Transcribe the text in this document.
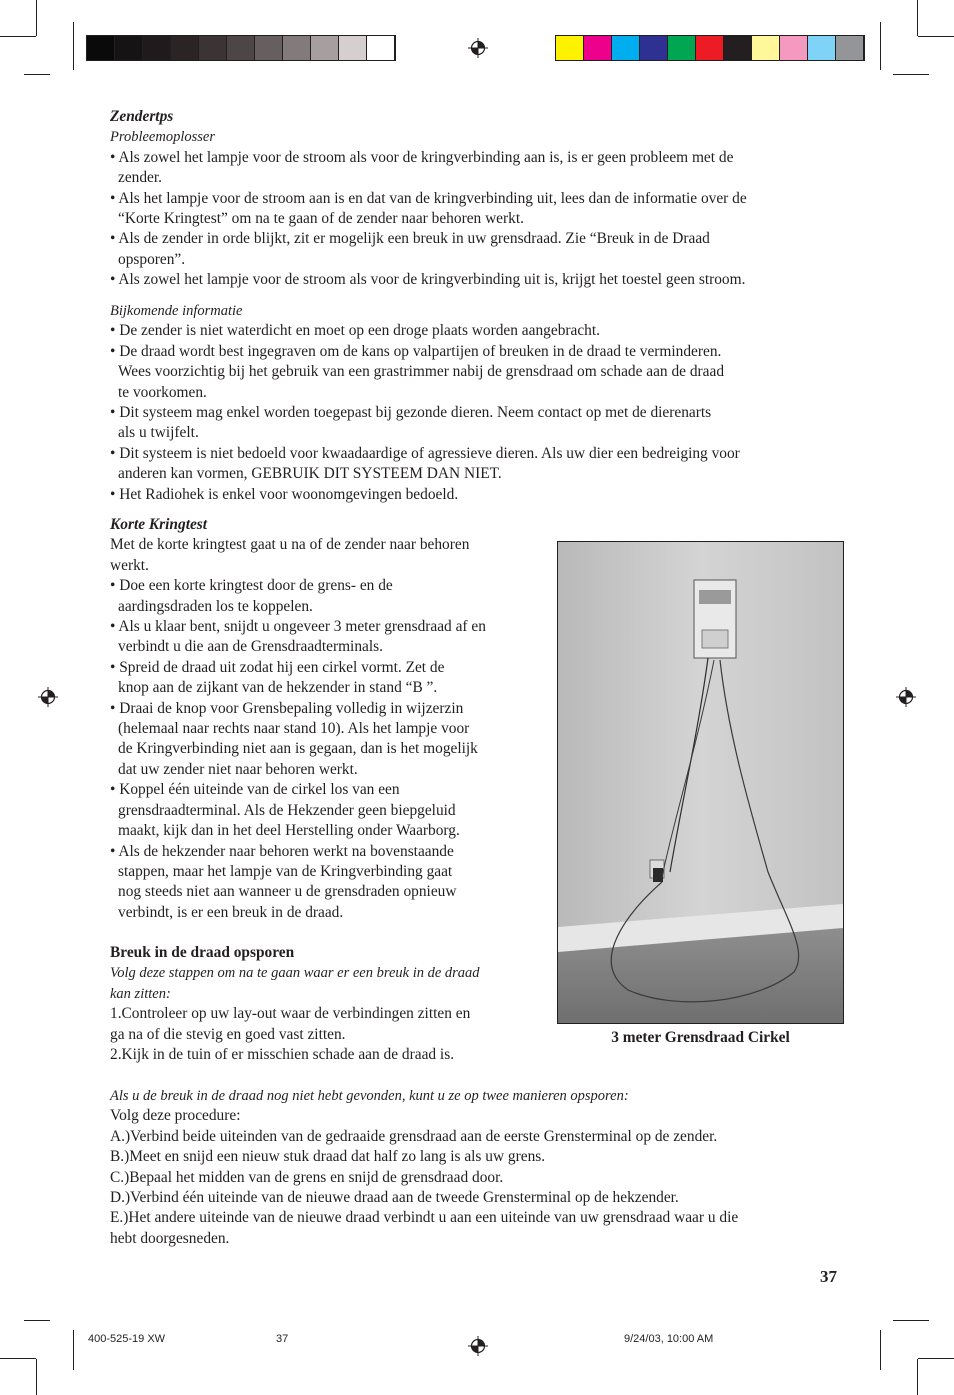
Zendertps
Probleemoplosser
• Als zowel het lampje voor de stroom als voor de kringverbinding aan is, is er geen probleem met de
zender.
• Als het lampje voor de stroom aan is en dat van de kringverbinding uit, lees dan de informatie over de
“Korte Kringtest” om na te gaan of de zender naar behoren werkt.
• Als de zender in orde blijkt, zit er mogelijk een breuk in uw grensdraad. Zie “Breuk in de Draad
opsporen”.
• Als zowel het lampje voor de stroom als voor de kringverbinding uit is, krijgt het toestel geen stroom.
Bijkomende informatie
• De zender is niet waterdicht en moet op een droge plaats worden aangebracht.
• De draad wordt best ingegraven om de kans op valpartijen of breuken in de draad te verminderen.
Wees voorzichtig bij het gebruik van een grastrimmer nabij de grensdraad om schade aan de draad
te voorkomen.
• Dit systeem mag enkel worden toegepast bij gezonde dieren. Neem contact op met de dierenarts
als u twijfelt.
• Dit systeem is niet bedoeld voor kwaadaardige of agressieve dieren. Als uw dier een bedreiging voor
anderen kan vormen, GEBRUIK DIT SYSTEEM DAN NIET.
• Het Radiohek is enkel voor woonomgevingen bedoeld.
Korte Kringtest
Met de korte kringtest gaat u na of de zender naar behoren
werkt.
• Doe een korte kringtest door de grens- en de
aardingsdraden los te koppelen.
• Als u klaar bent, snijdt u ongeveer 3 meter grensdraad af en
verbindt u die aan de Grensdraadterminals.
• Spreid de draad uit zodat hij een cirkel vormt. Zet de
knop aan de zijkant van de hekzender in stand “B ”.
• Draai de knop voor Grensbepaling volledig in wijzerzin
(helemaal naar rechts naar stand 10). Als het lampje voor
de Kringverbinding niet aan is gegaan, dan is het mogelijk
dat uw zender niet naar behoren werkt.
• Koppel één uiteinde van de cirkel los van een
grensdraadterminal. Als de Hekzender geen biepgeluid
maakt, kijk dan in het deel Herstelling onder Waarborg.
• Als de hekzender naar behoren werkt na bovenstaande
stappen, maar het lampje van de Kringverbinding gaat
nog steeds niet aan wanneer u de grensdraden opnieuw
verbindt, is er een breuk in de draad.
Breuk in de draad opsporen
Volg deze stappen om na te gaan waar er een breuk in de draad
kan zitten:
1.Controleer op uw lay-out waar de verbindingen zitten en
ga na of die stevig en goed vast zitten.
2.Kijk in de tuin of er misschien schade aan de draad is.
3 meter Grensdraad Cirkel
Als u de breuk in de draad nog niet hebt gevonden, kunt u ze op twee manieren opsporen:
Volg deze procedure:
A.)Verbind beide uiteinden van de gedraaide grensdraad aan de eerste Grensterminal op de zender.
B.)Meet en snijd een nieuw stuk draad dat half zo lang is als uw grens.
C.)Bepaal het midden van de grens en snijd de grensdraad door.
D.)Verbind één uiteinde van de nieuwe draad aan de tweede Grensterminal op de hekzender.
E.)Het andere uiteinde van de nieuwe draad verbindt u aan een uiteinde van uw grensdraad waar u die
hebt doorgesneden.
37
400-525-19 XW	37	9/24/03, 10:00 AM
